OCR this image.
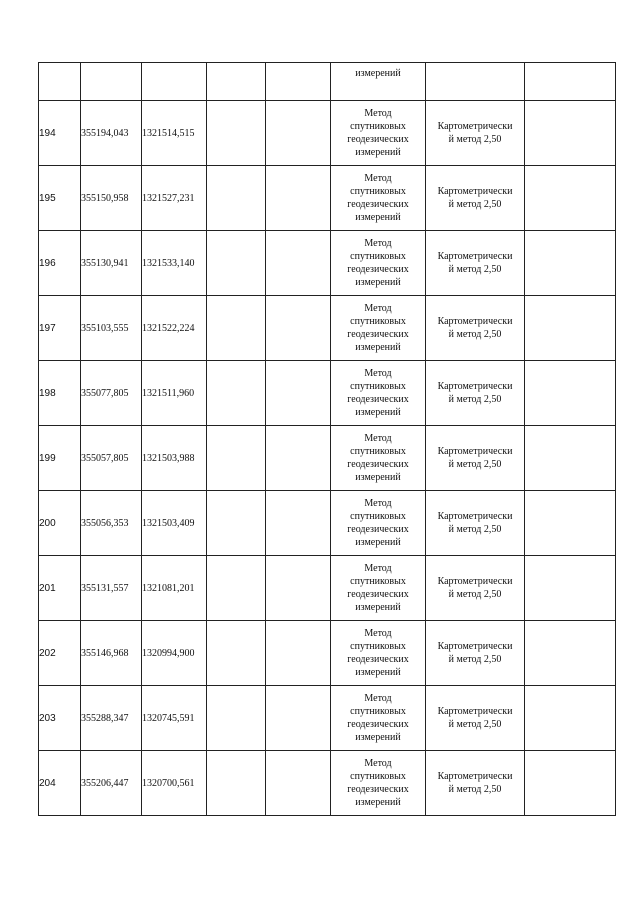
					измерений		

194	355194,043	1321514,515			Метод
спутниковых
геодезических
измерений	Картометрически
й метод 2,50	

195	355150,958	1321527,231			Метод
спутниковых
геодезических
измерений	Картометрически
й метод 2,50	

196	355130,941	1321533,140			Метод
спутниковых
геодезических
измерений	Картометрически
й метод 2,50	

197	355103,555	1321522,224			Метод
спутниковых
геодезических
измерений	Картометрически
й метод 2,50	

198	355077,805	1321511,960			Метод
спутниковых
геодезических
измерений	Картометрически
й метод 2,50	

199	355057,805	1321503,988			Метод
спутниковых
геодезических
измерений	Картометрически
й метод 2,50	

200	355056,353	1321503,409			Метод
спутниковых
геодезических
измерений	Картометрически
й метод 2,50	

201	355131,557	1321081,201			Метод
спутниковых
геодезических
измерений	Картометрически
й метод 2,50	

202	355146,968	1320994,900			Метод
спутниковых
геодезических
измерений	Картометрически
й метод 2,50	

203	355288,347	1320745,591			Метод
спутниковых
геодезических
измерений	Картометрически
й метод 2,50	

204	355206,447	1320700,561			Метод
спутниковых
геодезических
измерений	Картометрически
й метод 2,50	
